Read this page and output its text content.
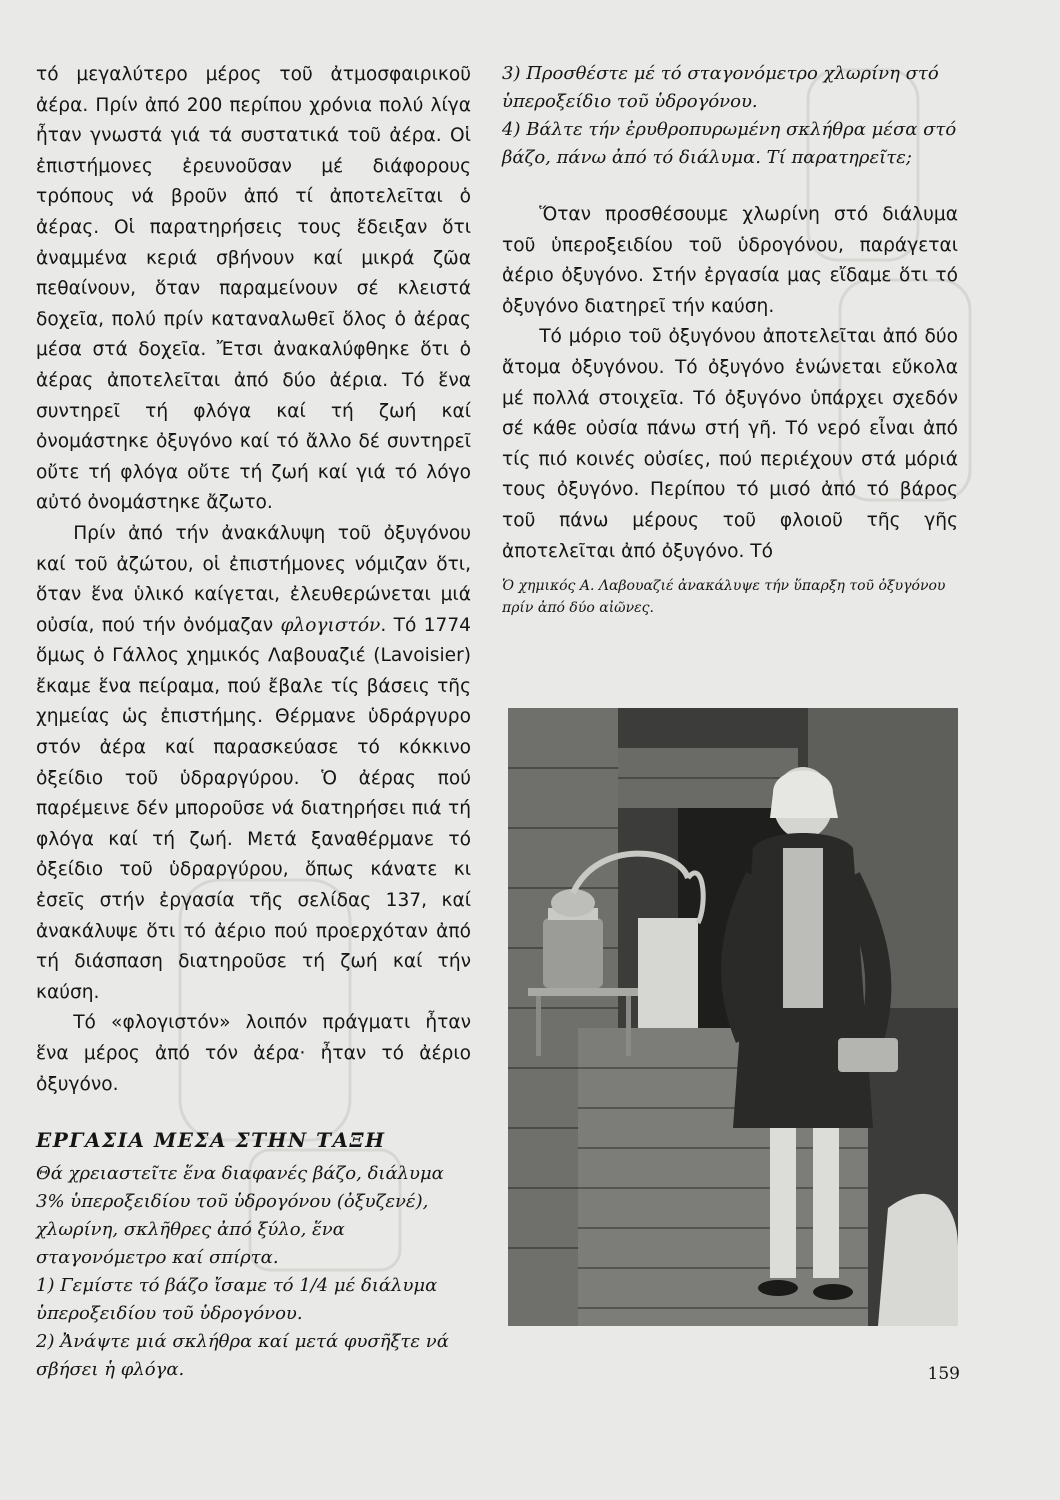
τό μεγαλύτερο μέρος τοῦ ἀτμοσφαιρικοῦ ἀέρα. Πρίν ἀπό 200 περίπου χρόνια πολύ λίγα ἦταν γνωστά γιά τά συστατικά τοῦ ἀέρα. Οἱ ἐπιστήμονες ἐρευνοῦσαν μέ διάφορους τρόπους νά βροῦν ἀπό τί ἀποτελεῖται ὁ ἀέρας. Οἱ παρατηρήσεις τους ἔδειξαν ὅτι ἀναμμένα κεριά σβήνουν καί μικρά ζῶα πεθαίνουν, ὅταν παραμείνουν σέ κλειστά δοχεῖα, πολύ πρίν καταναλωθεῖ ὅλος ὁ ἀέρας μέσα στά δοχεῖα. Ἔτσι ἀνακαλύφθηκε ὅτι ὁ ἀέρας ἀποτελεῖται ἀπό δύο ἀέρια. Τό ἕνα συντηρεῖ τή φλόγα καί τή ζωή καί ὀνομάστηκε ὀξυγόνο καί τό ἄλλο δέ συντηρεῖ οὔτε τή φλόγα οὔτε τή ζωή καί γιά τό λόγο αὐτό ὀνομάστηκε ἄζωτο.

Πρίν ἀπό τήν ἀνακάλυψη τοῦ ὀξυγόνου καί τοῦ ἀζώτου, οἱ ἐπιστήμονες νόμιζαν ὅτι, ὅταν ἕνα ὑλικό καίγεται, ἐλευθερώνεται μιά οὐσία, πού τήν ὀνόμαζαν φλογιστόν. Τό 1774 ὅμως ὁ Γάλλος χημικός Λαβουαζιέ (Lavoisier) ἔκαμε ἕνα πείραμα, πού ἔβαλε τίς βάσεις τῆς χημείας ὡς ἐπιστήμης. Θέρμανε ὑδράργυρο στόν ἀέρα καί παρασκεύασε τό κόκκινο ὀξείδιο τοῦ ὑδραργύρου. Ὁ ἀέρας πού παρέμεινε δέν μποροῦσε νά διατηρήσει πιά τή φλόγα καί τή ζωή. Μετά ξαναθέρμανε τό ὀξείδιο τοῦ ὑδραργύρου, ὅπως κάνατε κι ἐσεῖς στήν ἐργασία τῆς σελίδας 137, καί ἀνακάλυψε ὅτι τό ἀέριο πού προερχόταν ἀπό τή διάσπαση διατηροῦσε τή ζωή καί τήν καύση.

Τό «φλογιστόν» λοιπόν πράγματι ἦταν ἕνα μέρος ἀπό τόν ἀέρα· ἦταν τό ἀέριο ὀξυγόνο.

ΕΡΓΑΣΙΑ ΜΕΣΑ ΣΤΗΝ ΤΑΞΗ

Θά χρειαστεῖτε ἕνα διαφανές βάζο, διάλυμα 3% ὑπεροξειδίου τοῦ ὑδρογόνου (ὀξυζενέ), χλωρίνη, σκλῆθρες ἀπό ξύλο, ἕνα σταγονόμετρο καί σπίρτα.

1) Γεμίστε τό βάζο ἴσαμε τό 1/4 μέ διάλυμα ὑπεροξειδίου τοῦ ὑδρογόνου.

2) Ἀνάψτε μιά σκλήθρα καί μετά φυσῆξτε νά σβήσει ἡ φλόγα.

3) Προσθέστε μέ τό σταγονόμετρο χλωρίνη στό ὑπεροξείδιο τοῦ ὑδρογόνου.

4) Βάλτε τήν ἐρυθροπυρωμένη σκλήθρα μέσα στό βάζο, πάνω ἀπό τό διάλυμα. Τί παρατηρεῖτε;

Ὅταν προσθέσουμε χλωρίνη στό διάλυμα τοῦ ὑπεροξειδίου τοῦ ὑδρογόνου, παράγεται ἀέριο ὀξυγόνο. Στήν ἐργασία μας εἴδαμε ὅτι τό ὀξυγόνο διατηρεῖ τήν καύση.

Τό μόριο τοῦ ὀξυγόνου ἀποτελεῖται ἀπό δύο ἄτομα ὀξυγόνου. Τό ὀξυγόνο ἑνώνεται εὔκολα μέ πολλά στοιχεῖα. Τό ὀξυγόνο ὑπάρχει σχεδόν σέ κάθε οὐσία πάνω στή γῆ. Τό νερό εἶναι ἀπό τίς πιό κοινές οὐσίες, πού περιέχουν στά μόριά τους ὀξυγόνο. Περίπου τό μισό ἀπό τό βάρος τοῦ πάνω μέρους τοῦ φλοιοῦ τῆς γῆς ἀποτελεῖται ἀπό ὀξυγόνο. Τό

Ὁ χημικός Α. Λαβουαζιέ ἀνακάλυψε τήν ὕπαρξη τοῦ ὀξυγόνου πρίν ἀπό δύο αἰῶνες.

159
